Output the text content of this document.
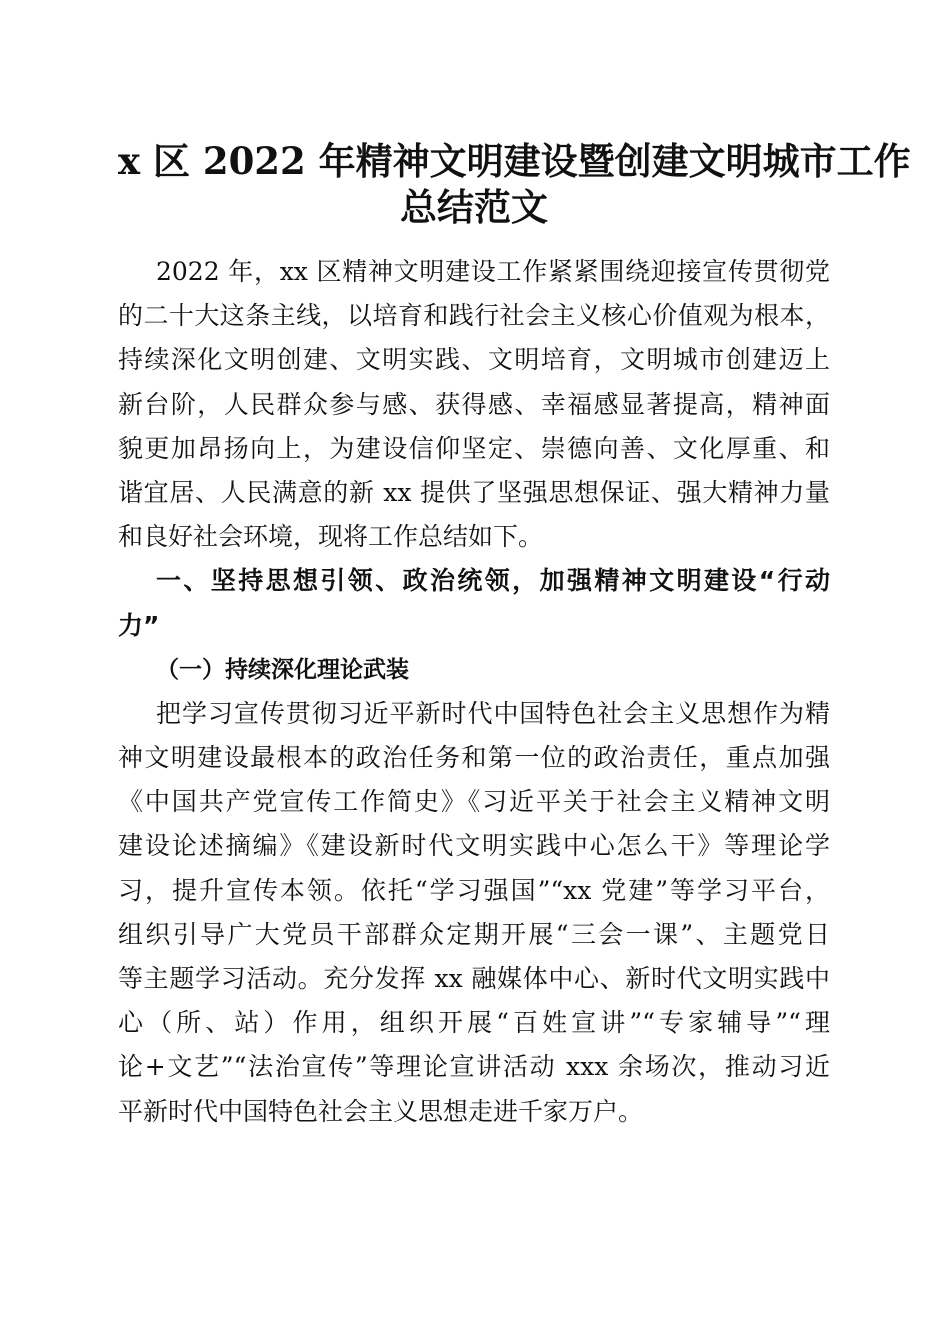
x 区 2022 年精神文明建设暨创建文明城市工作
总结范文
2022 年，xx 区精神文明建设工作紧紧围绕迎接宣传贯彻党
的二十大这条主线，以培育和践行社会主义核心价值观为根本，
持续深化文明创建、文明实践、文明培育，文明城市创建迈上
新台阶，人民群众参与感、获得感、幸福感显著提高，精神面
貌更加昂扬向上，为建设信仰坚定、崇德向善、文化厚重、和
谐宜居、人民满意的新 xx 提供了坚强思想保证、强大精神力量
和良好社会环境，现将工作总结如下。
一、坚持思想引领、政治统领，加强精神文明建设“行动
力”
（一）持续深化理论武装
把学习宣传贯彻习近平新时代中国特色社会主义思想作为精
神文明建设最根本的政治任务和第一位的政治责任，重点加强
《中国共产党宣传工作简史》《习近平关于社会主义精神文明
建设论述摘编》《建设新时代文明实践中心怎么干》等理论学
习，提升宣传本领。依托“学习强国”“xx 党建”等学习平台，
组织引导广大党员干部群众定期开展“三会一课”、主题党日
等主题学习活动。充分发挥 xx 融媒体中心、新时代文明实践中
心（所、站）作用，组织开展“百姓宣讲”“专家辅导”“理
论+文艺”“法治宣传”等理论宣讲活动 xxx 余场次，推动习近
平新时代中国特色社会主义思想走进千家万户。
